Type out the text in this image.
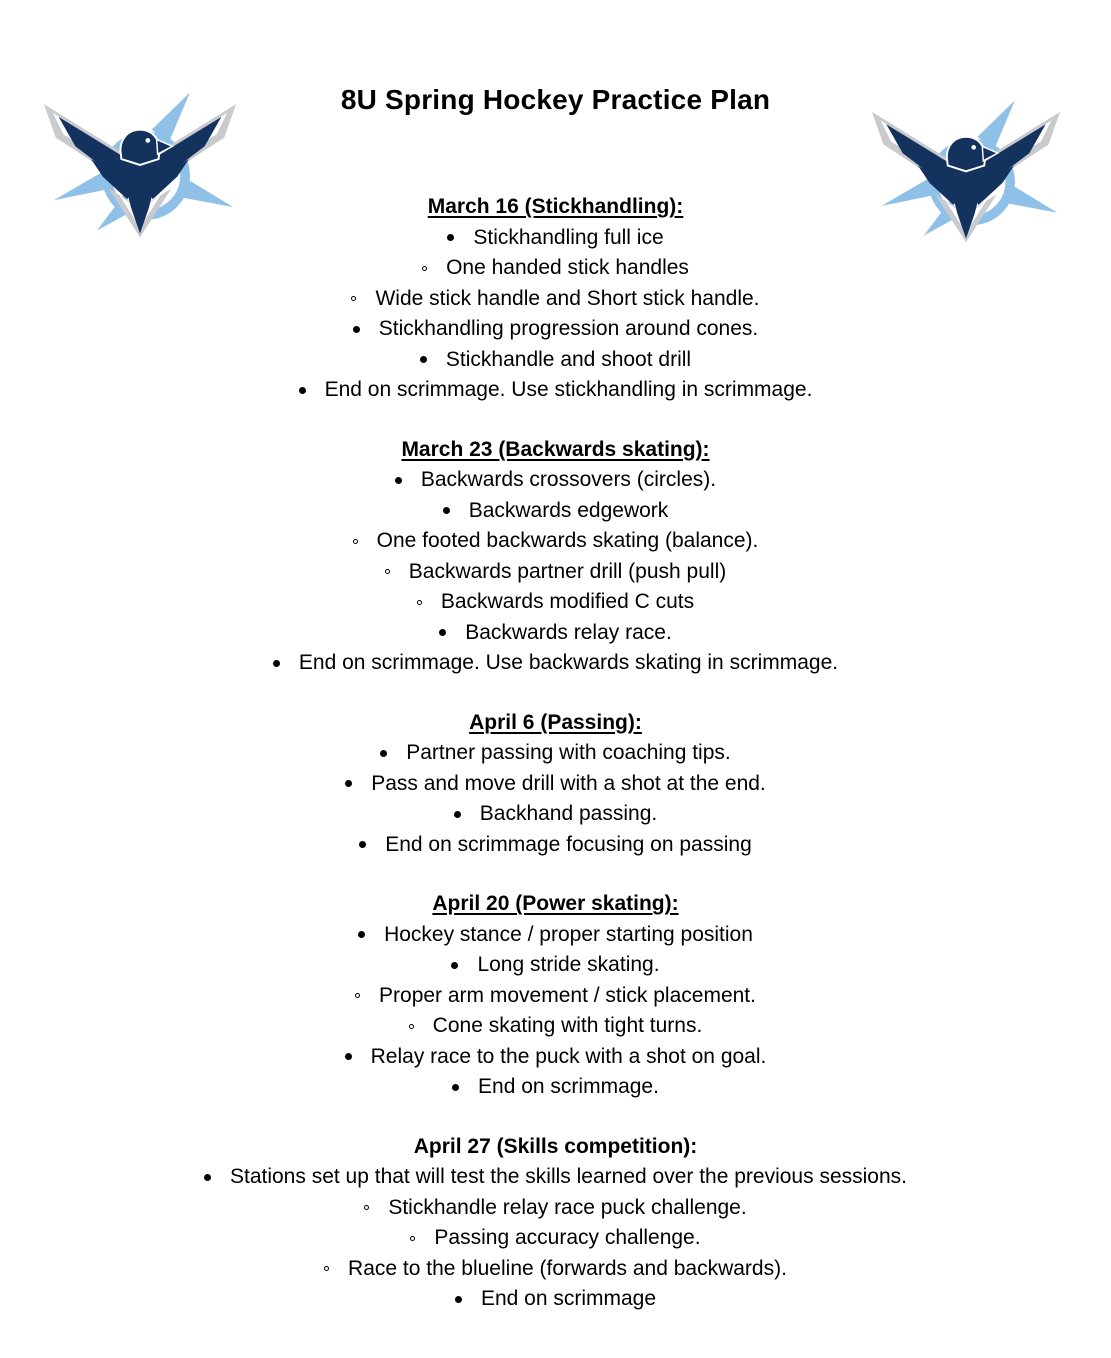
8U Spring Hockey Practice Plan
March 16 (Stickhandling):
Stickhandling full ice
One handed stick handles
Wide stick handle and Short stick handle.
Stickhandling progression around cones.
Stickhandle and shoot drill
End on scrimmage. Use stickhandling in scrimmage.
March 23 (Backwards skating):
Backwards crossovers (circles).
Backwards edgework
One footed backwards skating (balance).
Backwards partner drill (push pull)
Backwards modified C cuts
Backwards relay race.
End on scrimmage. Use backwards skating in scrimmage.
April 6 (Passing):
Partner passing with coaching tips.
Pass and move drill with a shot at the end.
Backhand passing.
End on scrimmage focusing on passing
April 20 (Power skating):
Hockey stance / proper starting position
Long stride skating.
Proper arm movement / stick placement.
Cone skating with tight turns.
Relay race to the puck with a shot on goal.
End on scrimmage.
April 27 (Skills competition):
Stations set up that will test the skills learned over the previous sessions.
Stickhandle relay race puck challenge.
Passing accuracy challenge.
Race to the blueline (forwards and backwards).
End on scrimmage
